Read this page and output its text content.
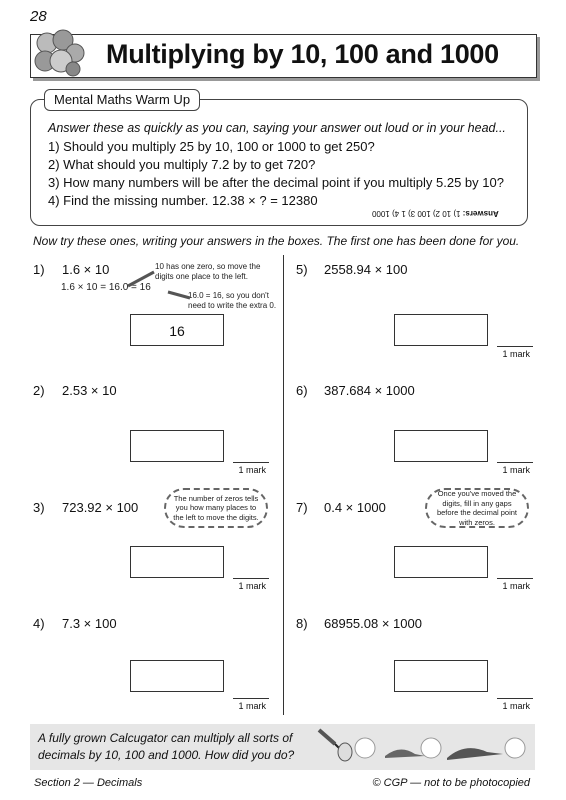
28
Multiplying by 10, 100 and 1000
Mental Maths Warm Up
Answer these as quickly as you can, saying your answer out loud or in your head...
1) Should you multiply 25 by 10, 100 or 1000 to get 250?
2) What should you multiply 7.2 by to get 720?
3) How many numbers will be after the decimal point if you multiply 5.25 by 10?
4) Find the missing number. 12.38 × ? = 12380
Answers: 1) 10 2) 100 3) 1 4) 1000
Now try these ones, writing your answers in the boxes. The first one has been done for you.
1) 1.6 × 10
1.6 × 10 = 16.0 = 16
10 has one zero, so move the digits one place to the left.
16.0 = 16, so you don't need to write the extra 0.
16
2) 2.53 × 10
1 mark
3) 723.92 × 100
The number of zeros tells you how many places to the left to move the digits.
1 mark
4) 7.3 × 100
1 mark
5) 2558.94 × 100
1 mark
6) 387.684 × 1000
1 mark
7) 0.4 × 1000
Once you've moved the digits, fill in any gaps before the decimal point with zeros.
1 mark
8) 68955.08 × 1000
1 mark
A fully grown Calcugator can multiply all sorts of decimals by 10, 100 and 1000. How did you do?
Section 2 — Decimals	© CGP — not to be photocopied
